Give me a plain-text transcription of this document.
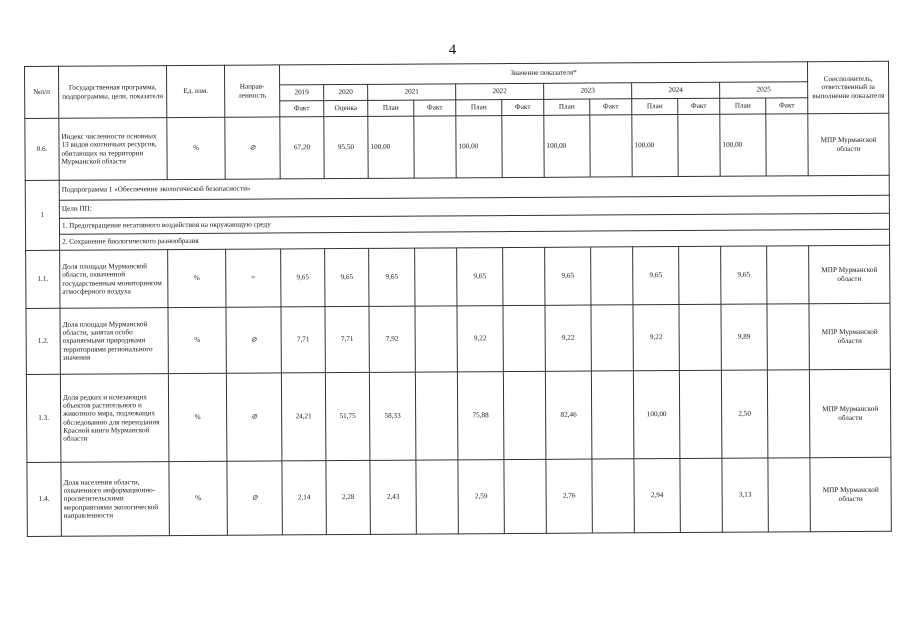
4
№п/п	Государственная программа, подпрограммы, цели, показатели	Ед. изм.	Направ-ленность	Значение показателя*												Соисполнитель, ответственный за выполнение показателя
				2019	2020	2021		2022		2023		2024		2025		
				Факт	Оценка	План	Факт	План	Факт	План	Факт	План	Факт	План	Факт	
0.6.	Индекс численности основных 13 видов охотничьих ресурсов, обитающих на территории Мурманской области	%	⊘	67,20	95,50	100,00		100,00		100,00		100,00		100,00		МПР Мурманской области
1	Подпрограмма 1 «Обеспечение экологической безопасности»															
	Цели ПП:															
	1. Предотвращение негативного воздействия на окружающую среду															
	2. Сохранение биологического разнообразия															
1.1.	Доля площади Мурманской области, охваченной государственным мониторингом атмосферного воздуха	%	=	9,65	9,65	9,65		9,65		9,65		9,65		9,65		МПР Мурманской области
1.2.	Доля площади Мурманской области, занятая особо охраняемыми природными территориями регионального значения	%	⊘	7,71	7,71	7,92		9,22		9,22		9,22		9,89		МПР Мурманской области
1.3.	Доля редких и исчезающих объектов растительного и животного мира, подлежащих обследованию для переиздания Красной книги Мурманской области	%	⊘	24,21	51,75	58,33		75,88		82,46		100,00		2,50		МПР Мурманской области
1.4.	Доля населения области, охваченного информационно-просветительскими мероприятиями экологической направленности	%	⊘	2,14	2,28	2,43		2,59		2,76		2,94		3,13		МПР Мурманской области
